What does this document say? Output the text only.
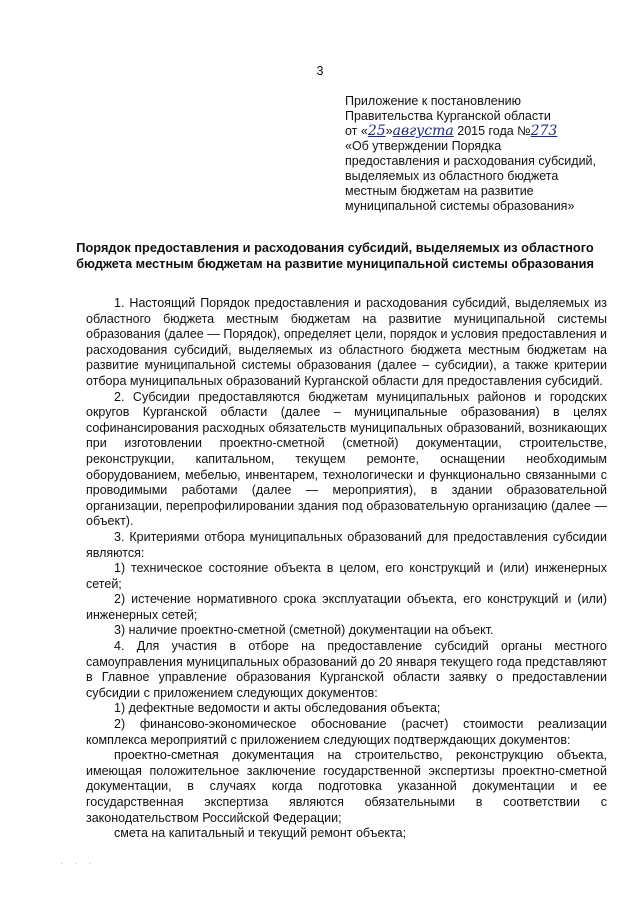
3
Приложение к постановлению
Правительства Курганской области
от «25»августа 2015 года №273
«Об утверждении Порядка
предоставления и расходования субсидий,
выделяемых из областного бюджета
местным бюджетам на развитие
муниципальной системы образования»
Порядок предоставления и расходования субсидий, выделяемых из областного бюджета местным бюджетам на развитие муниципальной системы образования

1. Настоящий Порядок предоставления и расходования субсидий, выделяемых из областного бюджета местным бюджетам на развитие муниципальной системы образования (далее — Порядок), определяет цели, порядок и условия предоставления и расходования субсидий, выделяемых из областного бюджета местным бюджетам на развитие муниципальной системы образования (далее – субсидии), а также критерии отбора муниципальных образований Курганской области для предоставления субсидий.

2. Субсидии предоставляются бюджетам муниципальных районов и городских округов Курганской области (далее – муниципальные образования) в целях софинансирования расходных обязательств муниципальных образований, возникающих при изготовлении проектно-сметной (сметной) документации, строительстве, реконструкции, капитальном, текущем ремонте, оснащении необходимым оборудованием, мебелью, инвентарем, технологически и функционально связанными с проводимыми работами (далее — мероприятия), в здании образовательной организации, перепрофилировании здания под образовательную организацию (далее — объект).

3. Критериями отбора муниципальных образований для предоставления субсидии являются:

1) техническое состояние объекта в целом, его конструкций и (или) инженерных сетей;

2) истечение нормативного срока эксплуатации объекта, его конструкций и (или) инженерных сетей;

3) наличие проектно-сметной (сметной) документации на объект.

4. Для участия в отборе на предоставление субсидий органы местного самоуправления муниципальных образований до 20 января текущего года представляют в Главное управление образования Курганской области заявку о предоставлении субсидии с приложением следующих документов:

1) дефектные ведомости и акты обследования объекта;

2) финансово-экономическое обоснование (расчет) стоимости реализации комплекса мероприятий с приложением следующих подтверждающих документов:

проектно-сметная документация на строительство, реконструкцию объекта, имеющая положительное заключение государственной экспертизы проектно-сметной документации, в случаях когда подготовка указанной документации и ее государственная экспертиза являются обязательными в соответствии с законодательством Российской Федерации;

смета на капитальный и текущий ремонт объекта;

· · ·
